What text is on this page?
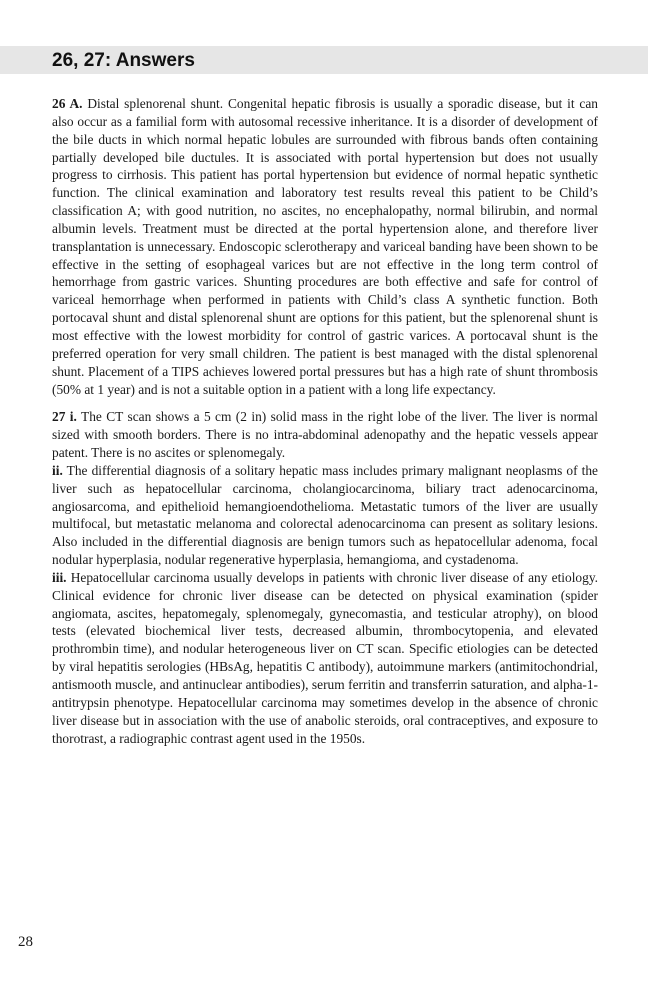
26, 27: Answers

26 A. Distal splenorenal shunt. Congenital hepatic fibrosis is usually a sporadic disease, but it can also occur as a familial form with autosomal recessive inheritance. It is a disorder of development of the bile ducts in which normal hepatic lobules are surrounded with fibrous bands often containing partially developed bile ductules. It is associated with portal hypertension but does not usually progress to cirrhosis. This patient has portal hypertension but evidence of normal hepatic synthetic function. The clinical examination and laboratory test results reveal this patient to be Child’s classification A; with good nutrition, no ascites, no encephalopathy, normal bilirubin, and normal albumin levels. Treatment must be directed at the portal hypertension alone, and therefore liver transplantation is unnecessary. Endoscopic sclerotherapy and variceal banding have been shown to be effective in the setting of esophageal varices but are not effective in the long term control of hemorrhage from gastric varices. Shunting procedures are both effective and safe for control of variceal hemorrhage when performed in patients with Child’s class A synthetic function. Both portocaval shunt and distal splenorenal shunt are options for this patient, but the splenorenal shunt is most effective with the lowest morbidity for control of gastric varices. A portocaval shunt is the preferred operation for very small children. The patient is best managed with the distal splenorenal shunt. Placement of a TIPS achieves lowered portal pressures but has a high rate of shunt thrombosis (50% at 1 year) and is not a suitable option in a patient with a long life expectancy.

27 i. The CT scan shows a 5 cm (2 in) solid mass in the right lobe of the liver. The liver is normal sized with smooth borders. There is no intra-abdominal adenopathy and the hepatic vessels appear patent. There is no ascites or splenomegaly.

ii. The differential diagnosis of a solitary hepatic mass includes primary malignant neoplasms of the liver such as hepatocellular carcinoma, cholangiocarcinoma, biliary tract adenocarcinoma, angiosarcoma, and epithelioid hemangioendothelioma. Metastatic tumors of the liver are usually multifocal, but metastatic melanoma and colorectal adenocarcinoma can present as solitary lesions. Also included in the differential diagnosis are benign tumors such as hepatocellular adenoma, focal nodular hyperplasia, nodular regenerative hyperplasia, hemangioma, and cystadenoma.

iii. Hepatocellular carcinoma usually develops in patients with chronic liver disease of any etiology. Clinical evidence for chronic liver disease can be detected on physical examination (spider angiomata, ascites, hepatomegaly, splenomegaly, gynecomastia, and testicular atrophy), on blood tests (elevated biochemical liver tests, decreased albumin, thrombocytopenia, and elevated prothrombin time), and nodular heterogeneous liver on CT scan. Specific etiologies can be detected by viral hepatitis serologies (HBsAg, hepatitis C antibody), autoimmune markers (antimitochondrial, antismooth muscle, and antinuclear antibodies), serum ferritin and transferrin saturation, and alpha-1-antitrypsin phenotype. Hepatocellular carcinoma may sometimes develop in the absence of chronic liver disease but in association with the use of anabolic steroids, oral contraceptives, and exposure to thorotrast, a radiographic contrast agent used in the 1950s.

28
